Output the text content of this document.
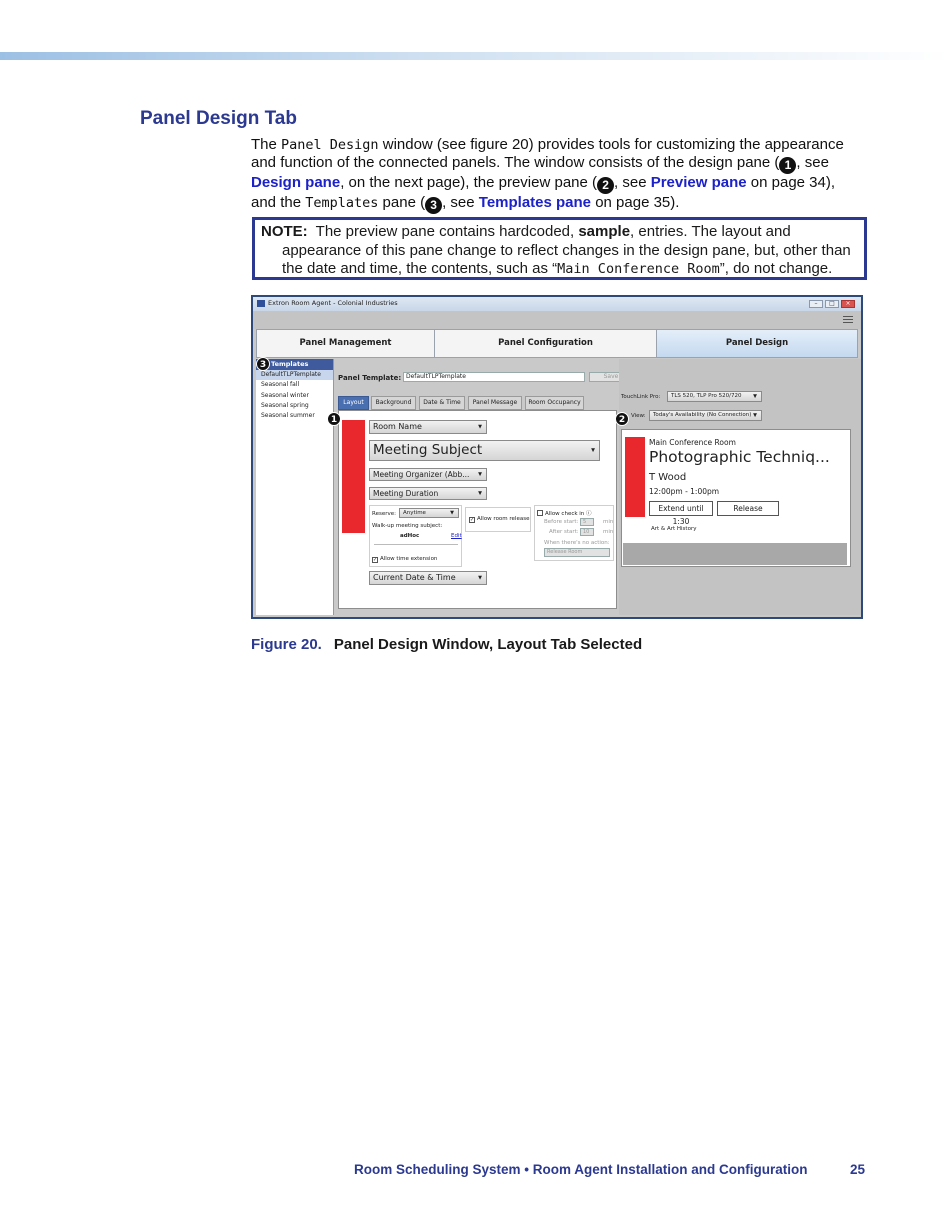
Panel Design Tab
The Panel Design window (see figure 20) provides tools for customizing the appearance and function of the connected panels. The window consists of the design pane ( 1 , see Design pane, on the next page), the preview pane ( 2 , see Preview pane on page 34), and the Templates pane ( 3 , see Templates pane on page 35).

NOTE: The preview pane contains hardcoded, sample, entries. The layout and appearance of this pane change to reflect changes in the design pane, but, other than the date and time, the contents, such as “Main Conference Room”, do not change.

Extron Room Agent - Colonial Industries	–	□	×
Panel Management	Panel Configuration	Panel Design
Templates
DefaultTLPTemplate
Seasonal fall
Seasonal winter
Seasonal spring
Seasonal summer
Panel Template: DefaultTLPTemplate	Save
Layout	Background	Date & Time	Panel Message	Room Occupancy
Room Name	▼
Meeting Subject	▼
Meeting Organizer (Abb... ▼
Meeting Duration	▼
Reserve:	Anytime	▼
Walk-up meeting subject:
adHoc	Edit
✓ Allow time extension
✓ Allow room release
Allow check in ⓘ
Before start: 5	min
After start: 10	min
When there's no action:
Release Room
Current Date & Time	▼
TouchLink Pro:	TLS 520, TLP Pro 520/720 ▼
View:	Today's Availability (No Connection) ▼
Main Conference Room
Photographic Techniq...
T Wood
12:00pm - 1:00pm
Extend until 1:30
Release
Art & Art History
1	2
3
Figure 20. Panel Design Window, Layout Tab Selected
Room Scheduling System • Room Agent Installation and Configuration	25
